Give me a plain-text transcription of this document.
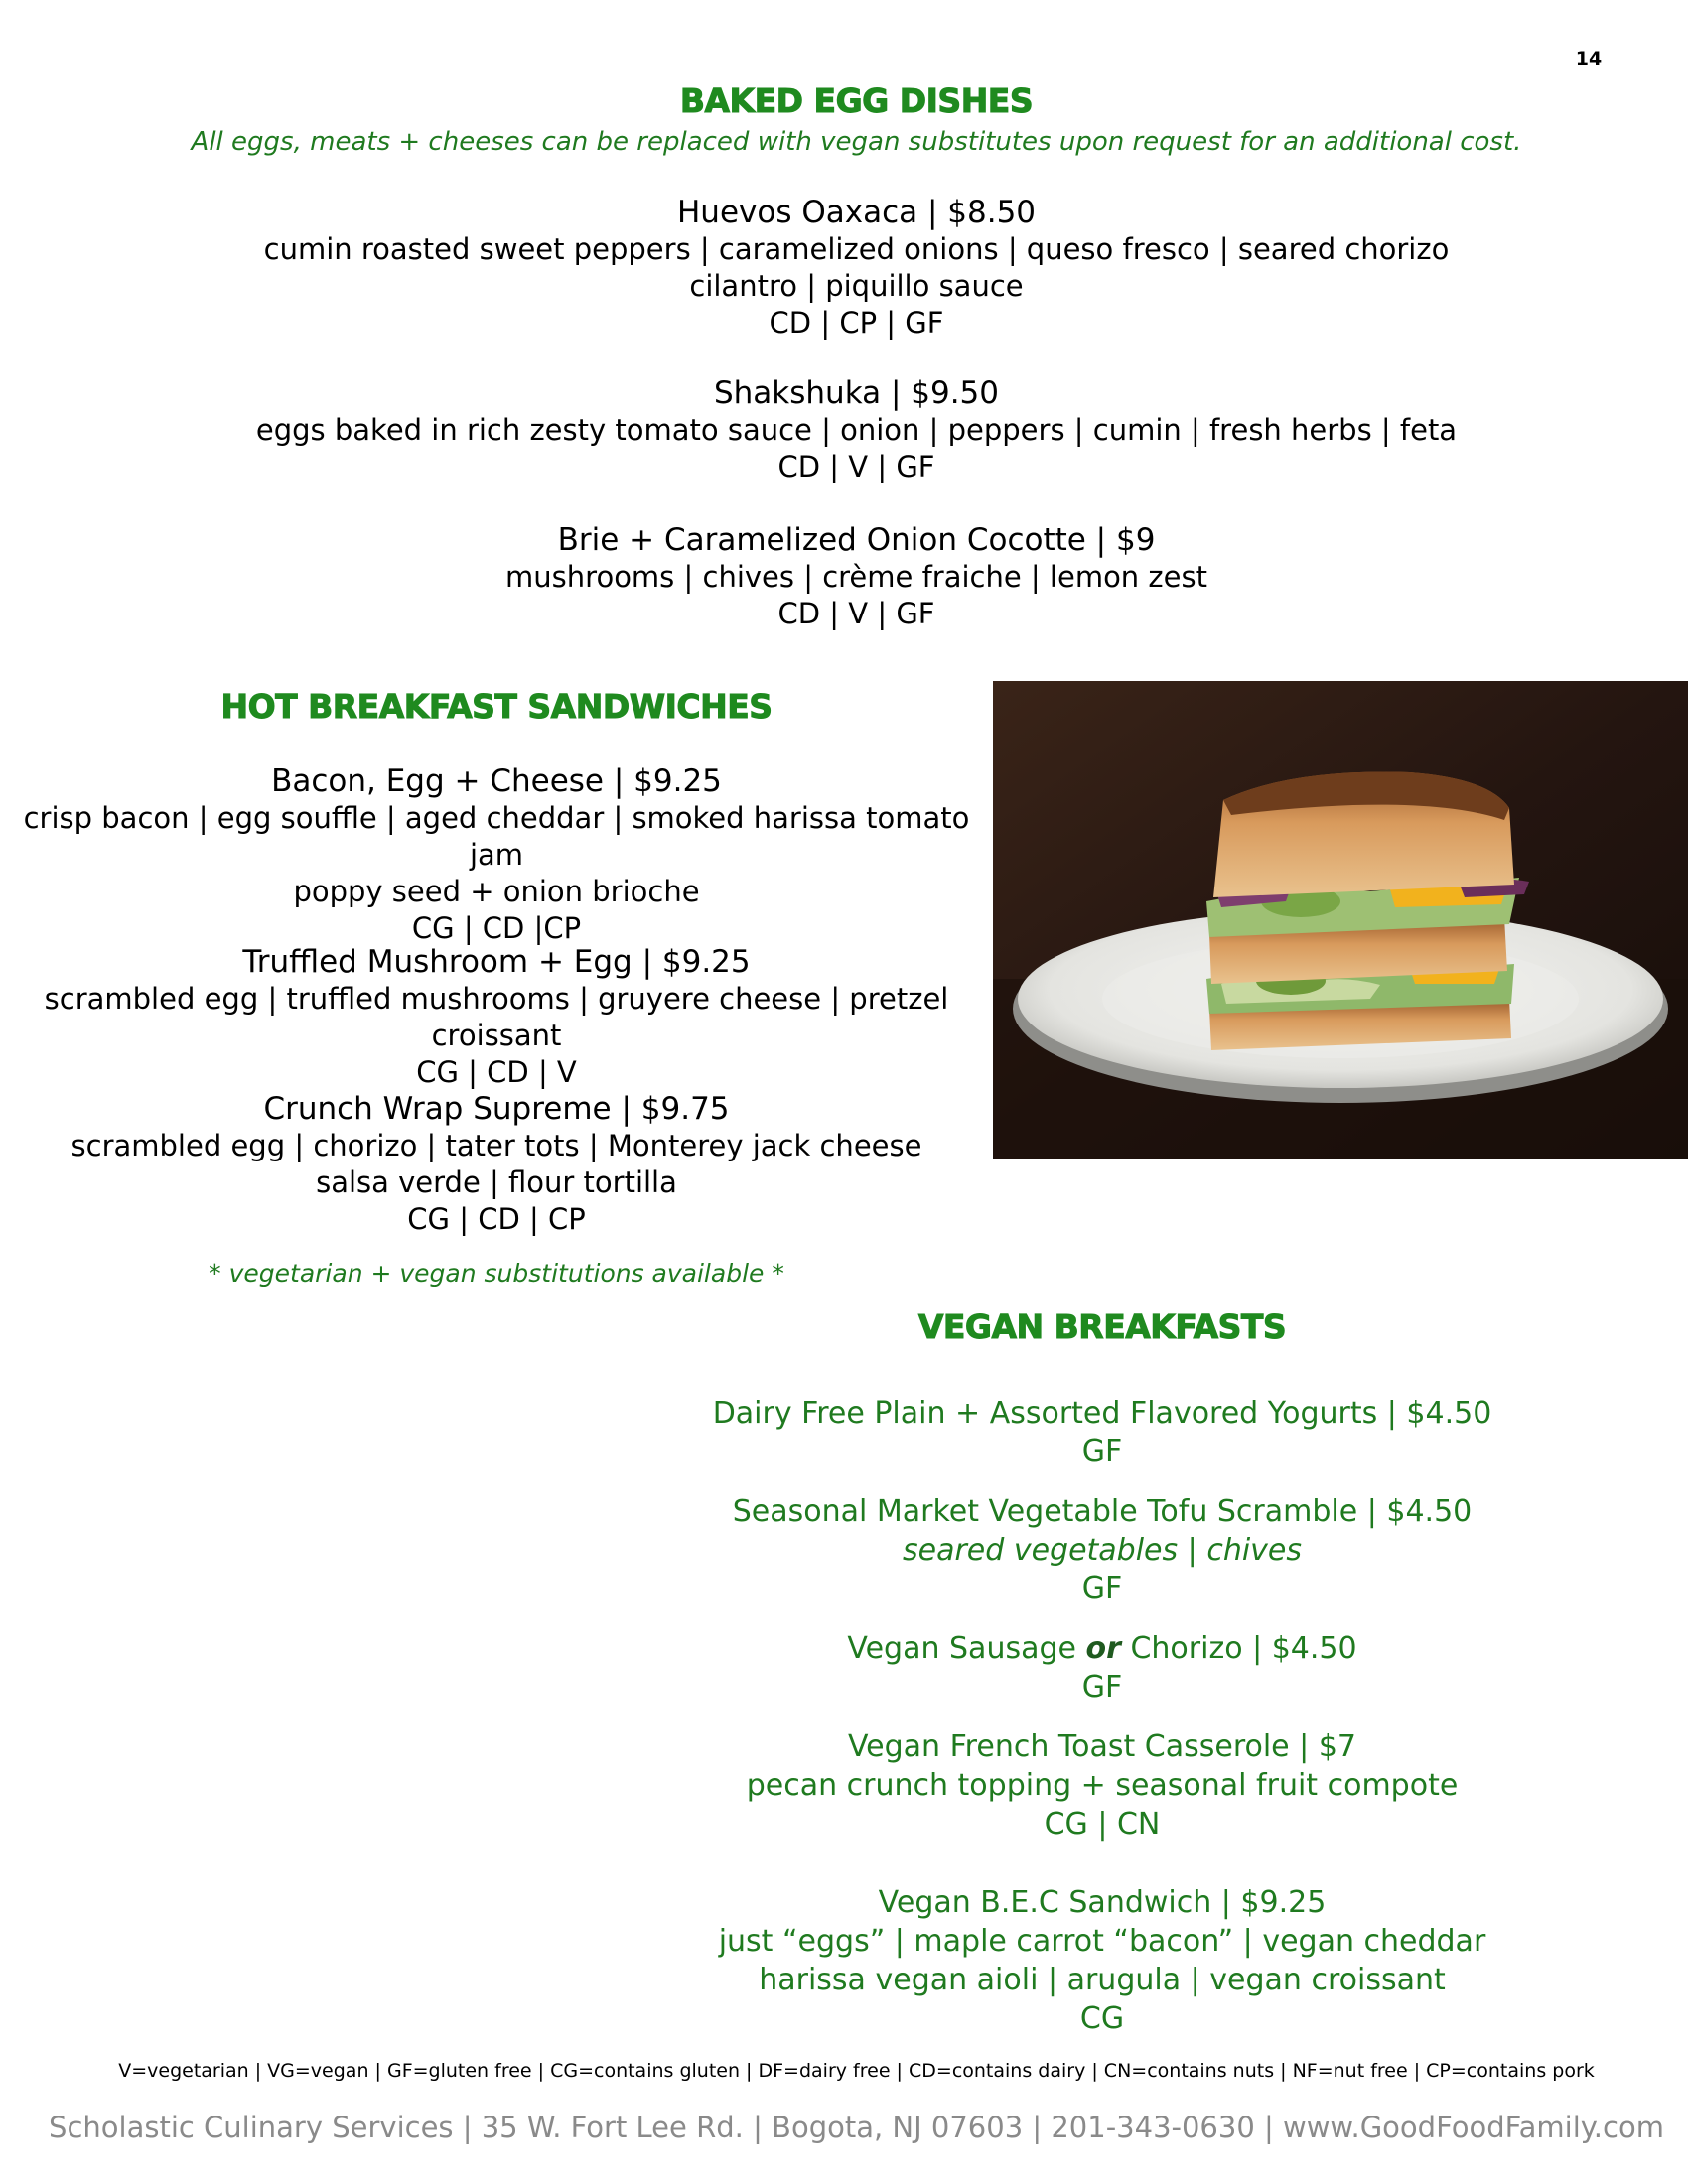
14
BAKED EGG DISHES
All eggs, meats + cheeses can be replaced with vegan substitutes upon request for an additional cost.
Huevos Oaxaca | $8.50
cumin roasted sweet peppers | caramelized onions | queso fresco | seared chorizo
cilantro | piquillo sauce
CD | CP | GF
Shakshuka | $9.50
eggs baked in rich zesty tomato sauce | onion | peppers | cumin | fresh herbs | feta
CD | V | GF
Brie + Caramelized Onion Cocotte | $9
mushrooms | chives | crème fraiche | lemon zest
CD | V | GF
HOT BREAKFAST SANDWICHES
Bacon, Egg + Cheese | $9.25
crisp bacon | egg souffle | aged cheddar | smoked harissa tomato jam
poppy seed + onion brioche
CG | CD |CP
Truffled Mushroom + Egg | $9.25
scrambled egg | truffled mushrooms | gruyere cheese | pretzel croissant
CG | CD | V
Crunch Wrap Supreme | $9.75
scrambled egg | chorizo | tater tots | Monterey jack cheese
salsa verde | flour tortilla
CG | CD | CP
* vegetarian + vegan substitutions available *
VEGAN BREAKFASTS
Dairy Free Plain + Assorted Flavored Yogurts | $4.50
GF
Seasonal Market Vegetable Tofu Scramble | $4.50
seared vegetables | chives
GF
Vegan Sausage or Chorizo | $4.50
GF
Vegan French Toast Casserole | $7
pecan crunch topping + seasonal fruit compote
CG | CN
Vegan B.E.C Sandwich | $9.25
just “eggs” | maple carrot “bacon” | vegan cheddar
harissa vegan aioli | arugula | vegan croissant
CG
V=vegetarian | VG=vegan | GF=gluten free | CG=contains gluten | DF=dairy free | CD=contains dairy | CN=contains nuts | NF=nut free | CP=contains pork
Scholastic Culinary Services | 35 W. Fort Lee Rd. | Bogota, NJ 07603 | 201-343-0630 | www.GoodFoodFamily.com
